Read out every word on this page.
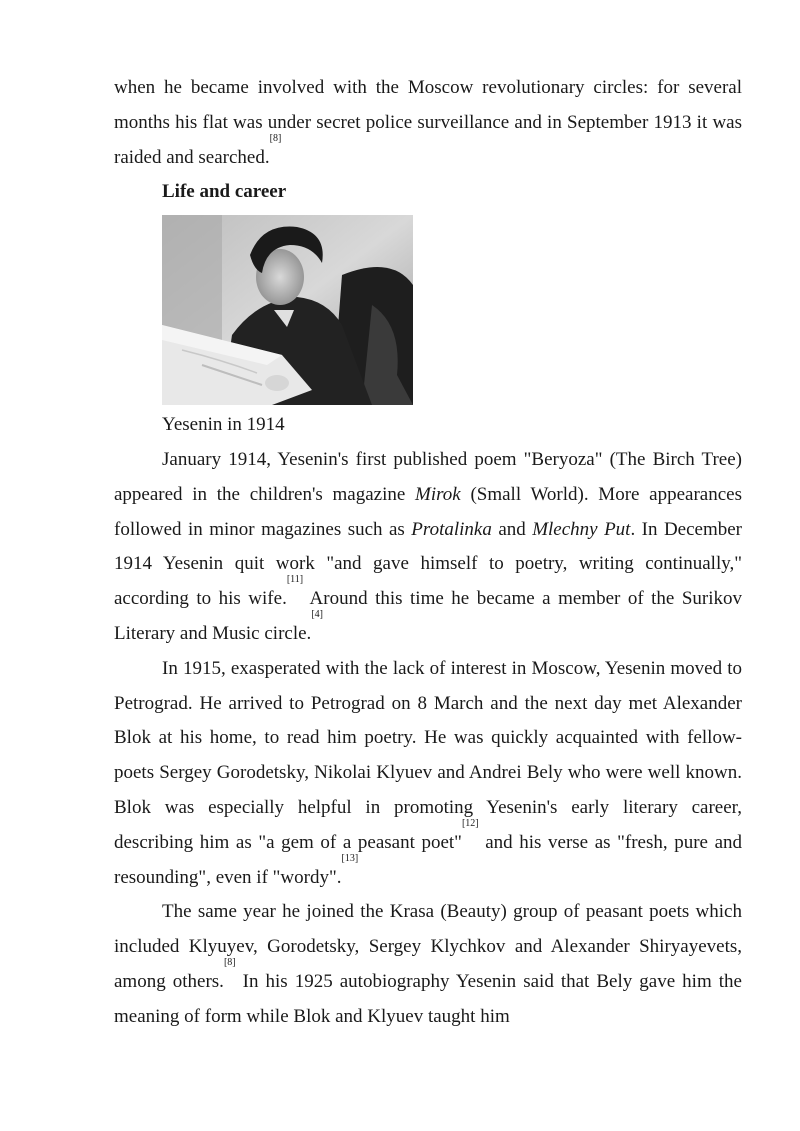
when he became involved with the Moscow revolutionary circles: for several months his flat was under secret police surveillance and in September 1913 it was raided and searched.[8]

Life and career

Yesenin in 1914

January 1914, Yesenin's first published poem "Beryoza" (The Birch Tree) appeared in the children's magazine Mirok (Small World). More appearances followed in minor magazines such as Protalinka and Mlechny Put. In December 1914 Yesenin quit work "and gave himself to poetry, writing continually," according to his wife.[11] Around this time he became a member of the Surikov Literary and Music circle.[4]

In 1915, exasperated with the lack of interest in Moscow, Yesenin moved to Petrograd. He arrived to Petrograd on 8 March and the next day met Alexander Blok at his home, to read him poetry. He was quickly acquainted with fellow-poets Sergey Gorodetsky, Nikolai Klyuev and Andrei Bely who were well known. Blok was especially helpful in promoting Yesenin's early literary career, describing him as "a gem of a peasant poet"[12] and his verse as "fresh, pure and resounding", even if "wordy".[13]

The same year he joined the Krasa (Beauty) group of peasant poets which included Klyuyev, Gorodetsky, Sergey Klychkov and Alexander Shiryayevets, among others.[8] In his 1925 autobiography Yesenin said that Bely gave him the meaning of form while Blok and Klyuev taught him
